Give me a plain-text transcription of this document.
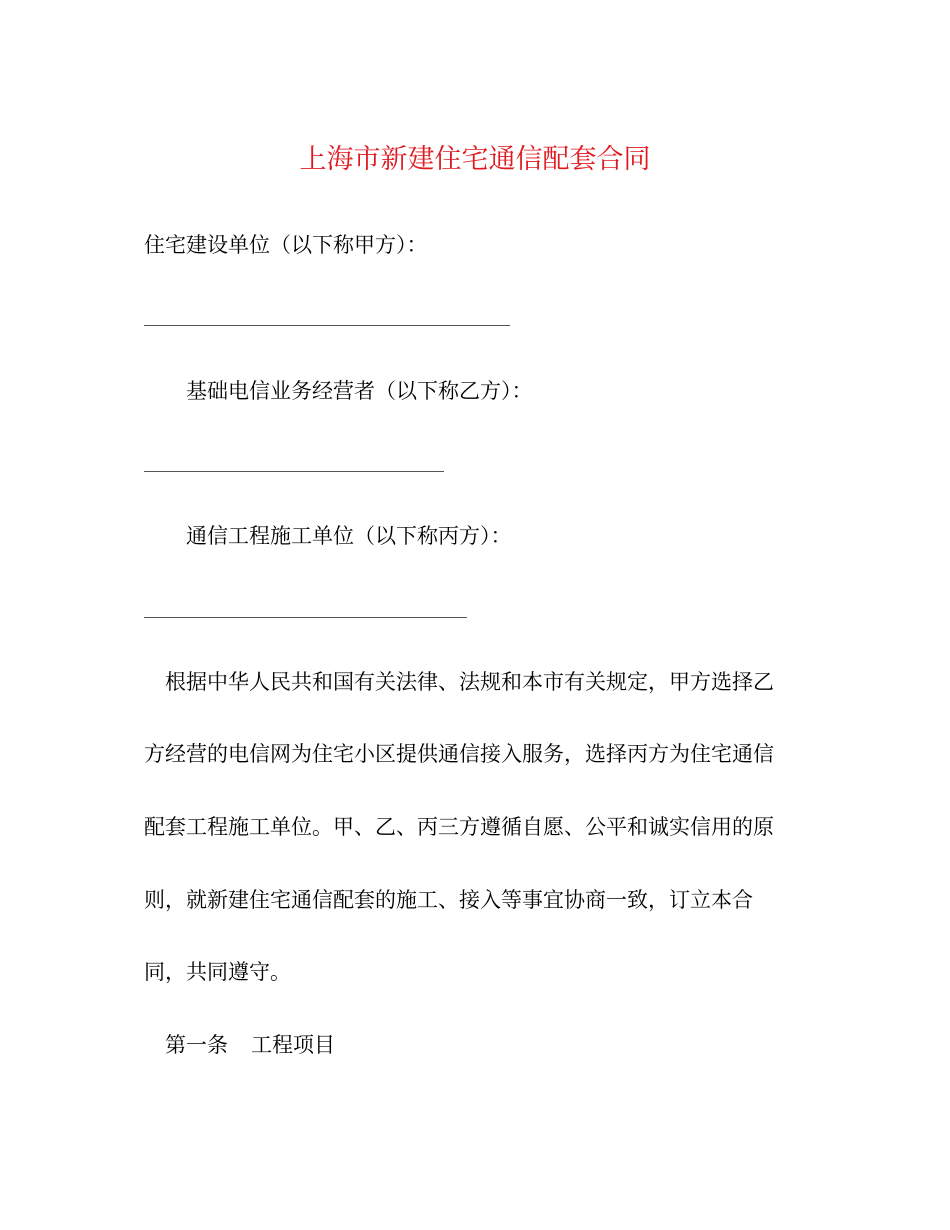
上海市新建住宅通信配套合同
住宅建设单位（以下称甲方）：
基础电信业务经营者（以下称乙方）：
通信工程施工单位（以下称丙方）：
根据中华人民共和国有关法律、法规和本市有关规定，甲方选择乙
方经营的电信网为住宅小区提供通信接入服务，选择丙方为住宅通信
配套工程施工单位。甲、乙、丙三方遵循自愿、公平和诚实信用的原
则，就新建住宅通信配套的施工、接入等事宜协商一致，订立本合
同，共同遵守。
第一条 工程项目
